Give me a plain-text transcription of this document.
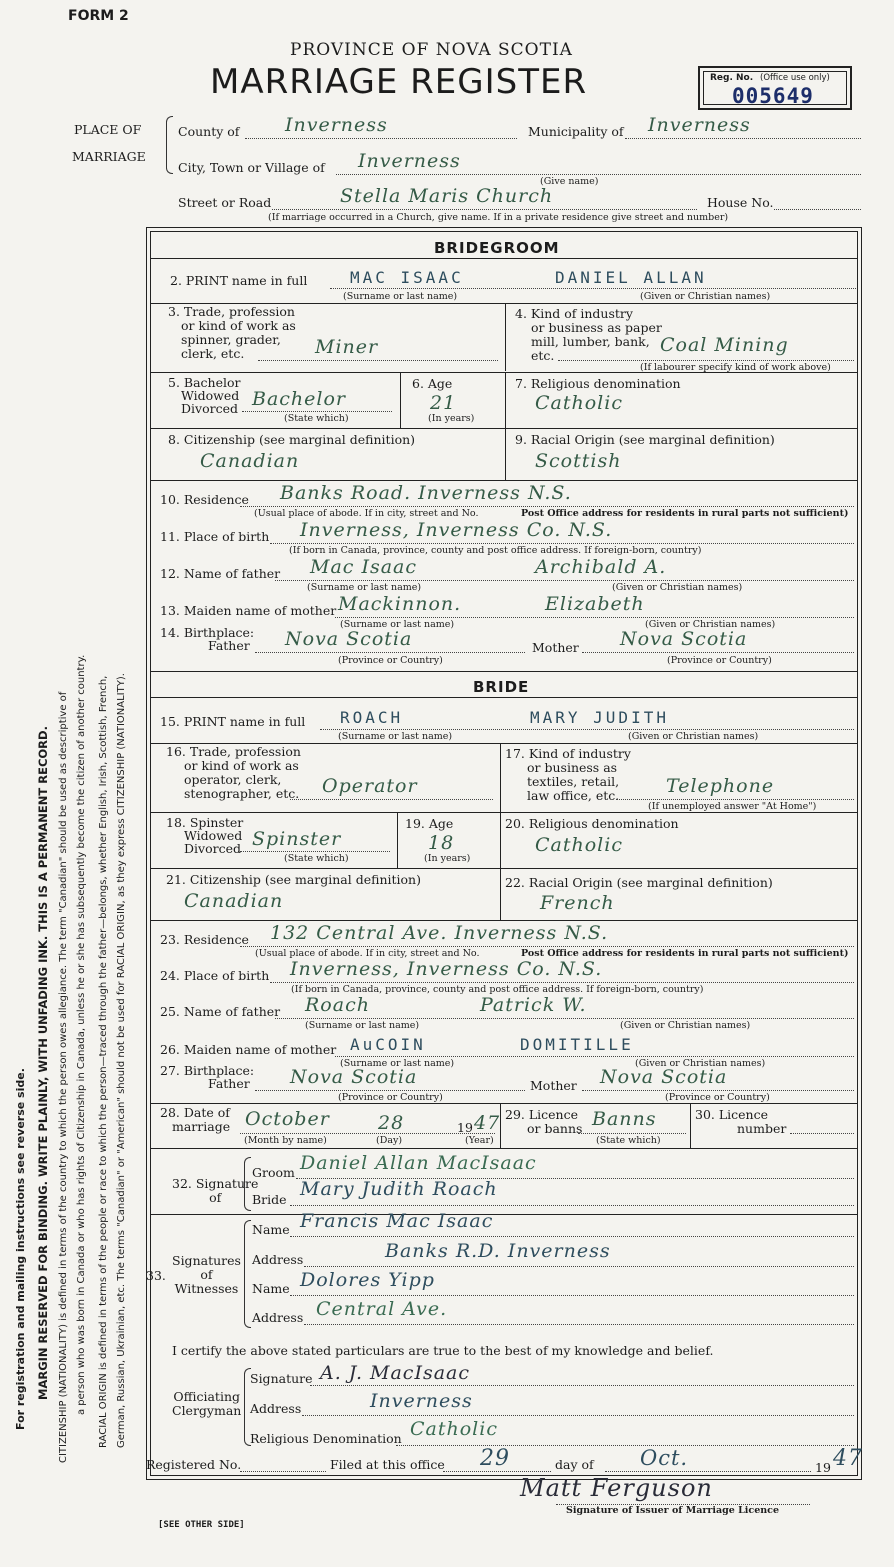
FORM 2
PROVINCE OF NOVA SCOTIA
MARRIAGE REGISTER	Reg. No. (Office use only)
005649
PLACE OF
MARRIAGE
County of Inverness	Municipality of Inverness
City, Town or Village of Inverness
(Give name)
Street or Road	Stella Maris Church	House No.
(If marriage occurred in a Church, give name. If in a private residence give street and number)
BRIDEGROOM
2. PRINT name in full	MAC ISAAC	DANIEL ALLAN
(Surname or last name)	(Given or Christian names)
3. Trade, profession
or kind of work as
spinner, grader,
clerk, etc.	Miner
4. Kind of industry
or business as paper
mill, lumber, bank,
etc.	Coal Mining
(If labourer specify kind of work above)
5. Bachelor
Widowed
Divorced Bachelor
(State which)
6. Age
21
(In years)
7. Religious denomination
Catholic
8. Citizenship (see marginal definition)
Canadian
9. Racial Origin (see marginal definition)
Scottish
10. Residence Banks Road. Inverness N.S.
(Usual place of abode. If in city, street and No.	Post Office address for residents in rural parts not sufficient)
11. Place of birth Inverness, Inverness Co. N.S.
(If born in Canada, province, county and post office address. If foreign-born, country)
12. Name of father Mac Isaac	Archibald A.
(Surname or last name)	(Given or Christian names)
13. Maiden name of mother Mackinnon.	Elizabeth
(Surname or last name)	(Given or Christian names)
14. Birthplace:
Father Nova Scotia	Mother Nova Scotia
(Province or Country)	(Province or Country)
BRIDE
15. PRINT name in full ROACH	MARY JUDITH
(Surname or last name)	(Given or Christian names)
16. Trade, profession
or kind of work as
operator, clerk,
stenographer, etc. Operator
17. Kind of industry
or business as
textiles, retail,
law office, etc.	Telephone
(If unemployed answer "At Home")
18. Spinster
Widowed
Divorced Spinster
(State which)
19. Age
18
(In years)
20. Religious denomination
Catholic
21. Citizenship (see marginal definition)
Canadian
22. Racial Origin (see marginal definition)
French
23. Residence 132 Central Ave. Inverness N.S.
(Usual place of abode. If in city, street and No.	Post Office address for residents in rural parts not sufficient)
24. Place of birth Inverness, Inverness Co. N.S.
(If born in Canada, province, county and post office address. If foreign-born, country)
25. Name of father Roach	Patrick W.
(Surname or last name)	(Given or Christian names)
26. Maiden name of mother AuCOIN	DOMITILLE
(Surname or last name)	(Given or Christian names)
27. Birthplace:
Father Nova Scotia	Mother Nova Scotia
(Province or Country)	(Province or Country)
28. Date of
marriage October	28	19 47
(Month by name)	(Day)	(Year)
29. Licence
or banns Banns
(State which)
30. Licence
number
32. Signature
of
Groom Daniel Allan MacIsaac
Bride Mary Judith Roach
Signatures
of
Witnesses
33.
Name Francis Mac Isaac
Address	Banks R.D. Inverness
Name Dolores Yipp
Address Central Ave.
I certify the above stated particulars are true to the best of my knowledge and belief.
Officiating
Clergyman
Signature A. J. MacIsaac
Address	Inverness
Religious Denomination Catholic
Registered No.	Filed at this office 29	day of Oct.	19 47
Matt Ferguson
Signature of Issuer of Marriage Licence
[SEE OTHER SIDE]
For registration and mailing instructions see reverse side. MARGIN RESERVED FOR BINDING. WRITE PLAINLY, WITH UNFADING INK. THIS IS A PERMANENT RECORD. CITIZENSHIP (NATIONALITY) is defined in terms of the country to which the person owes allegiance. The term "Canadian" should be used as descriptive of a person who was born in Canada or who has rights of Citizenship in Canada, unless he or she has subsequently become the citizen of another country. RACIAL ORIGIN is defined in terms of the people or race to which the person—traced through the father—belongs, whether English, Irish, Scottish, French, German, Russian, Ukrainian, etc. The terms "Canadian" or "American" should not be used for RACIAL ORIGIN, as they express CITIZENSHIP (NATIONALITY).
